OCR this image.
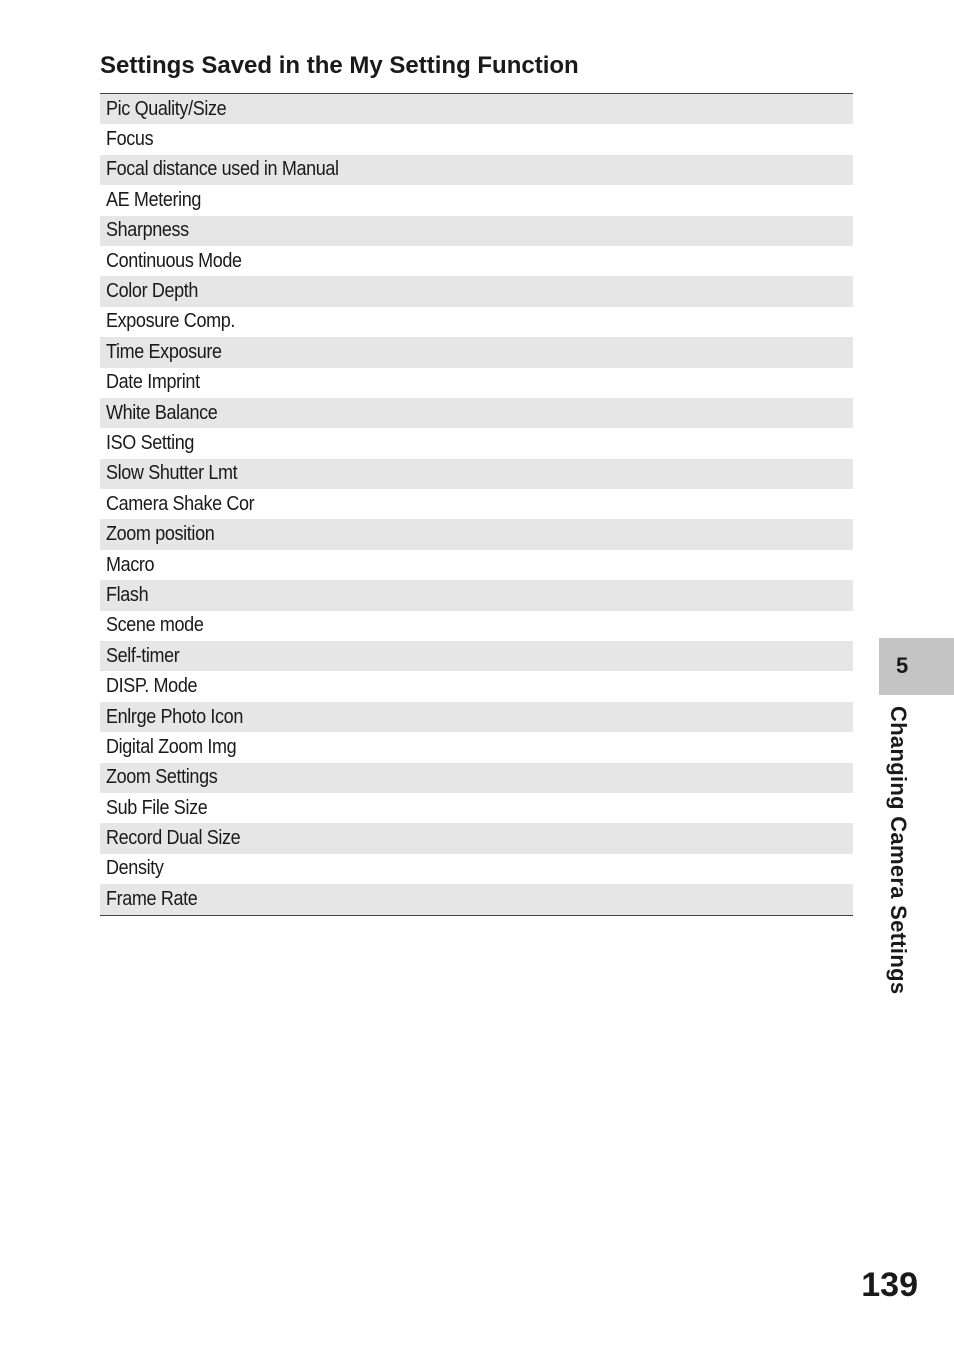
Settings Saved in the My Setting Function
Pic Quality/Size
Focus
Focal distance used in Manual
AE Metering
Sharpness
Continuous Mode
Color Depth
Exposure Comp.
Time Exposure
Date Imprint
White Balance
ISO Setting
Slow Shutter Lmt
Camera Shake Cor
Zoom position
Macro
Flash
Scene mode
Self-timer
DISP. Mode
Enlrge Photo Icon
Digital Zoom Img
Zoom Settings
Sub File Size
Record Dual Size
Density
Frame Rate
5
Changing Camera Settings
139
